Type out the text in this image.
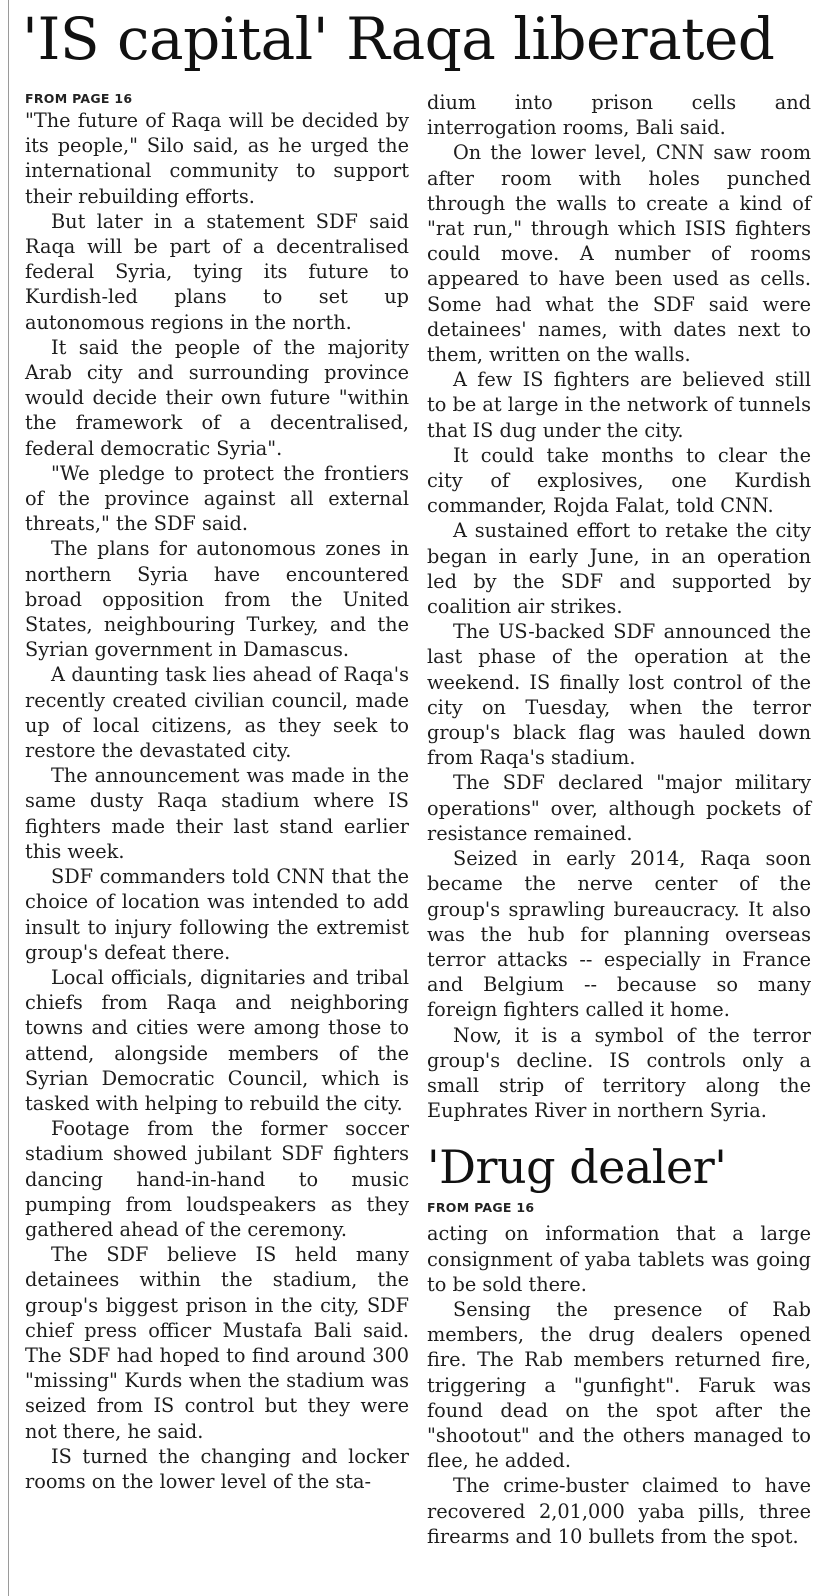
'IS capital' Raqa liberated
FROM PAGE 16

"The future of Raqa will be decided by its people," Silo said, as he urged the international community to support their rebuilding efforts.

But later in a statement SDF said Raqa will be part of a decentralised federal Syria, tying its future to Kurdish-led plans to set up autonomous regions in the north.

It said the people of the majority Arab city and surrounding province would decide their own future "within the framework of a decentralised, federal democratic Syria".

"We pledge to protect the frontiers of the province against all external threats," the SDF said.

The plans for autonomous zones in northern Syria have encountered broad opposition from the United States, neighbouring Turkey, and the Syrian government in Damascus.

A daunting task lies ahead of Raqa's recently created civilian council, made up of local citizens, as they seek to restore the devastated city.

The announcement was made in the same dusty Raqa stadium where IS fighters made their last stand earlier this week.

SDF commanders told CNN that the choice of location was intended to add insult to injury following the extremist group's defeat there.

Local officials, dignitaries and tribal chiefs from Raqa and neighboring towns and cities were among those to attend, alongside members of the Syrian Democratic Council, which is tasked with helping to rebuild the city.

Footage from the former soccer stadium showed jubilant SDF fighters dancing hand-in-hand to music pumping from loudspeakers as they gathered ahead of the ceremony.

The SDF believe IS held many detainees within the stadium, the group's biggest prison in the city, SDF chief press officer Mustafa Bali said. The SDF had hoped to find around 300 "missing" Kurds when the stadium was seized from IS control but they were not there, he said.

IS turned the changing and locker rooms on the lower level of the sta-

dium into prison cells and interrogation rooms, Bali said.

On the lower level, CNN saw room after room with holes punched through the walls to create a kind of "rat run," through which ISIS fighters could move. A number of rooms appeared to have been used as cells. Some had what the SDF said were detainees' names, with dates next to them, written on the walls.

A few IS fighters are believed still to be at large in the network of tunnels that IS dug under the city.

It could take months to clear the city of explosives, one Kurdish commander, Rojda Falat, told CNN.

A sustained effort to retake the city began in early June, in an operation led by the SDF and supported by coalition air strikes.

The US-backed SDF announced the last phase of the operation at the weekend. IS finally lost control of the city on Tuesday, when the terror group's black flag was hauled down from Raqa's stadium.

The SDF declared "major military operations" over, although pockets of resistance remained.

Seized in early 2014, Raqa soon became the nerve center of the group's sprawling bureaucracy. It also was the hub for planning overseas terror attacks -- especially in France and Belgium -- because so many foreign fighters called it home.

Now, it is a symbol of the terror group's decline. IS controls only a small strip of territory along the Euphrates River in northern Syria.

'Drug dealer'
FROM PAGE 16

acting on information that a large consignment of yaba tablets was going to be sold there.

Sensing the presence of Rab members, the drug dealers opened fire. The Rab members returned fire, triggering a "gunfight". Faruk was found dead on the spot after the "shootout" and the others managed to flee, he added.

The crime-buster claimed to have recovered 2,01,000 yaba pills, three firearms and 10 bullets from the spot.
